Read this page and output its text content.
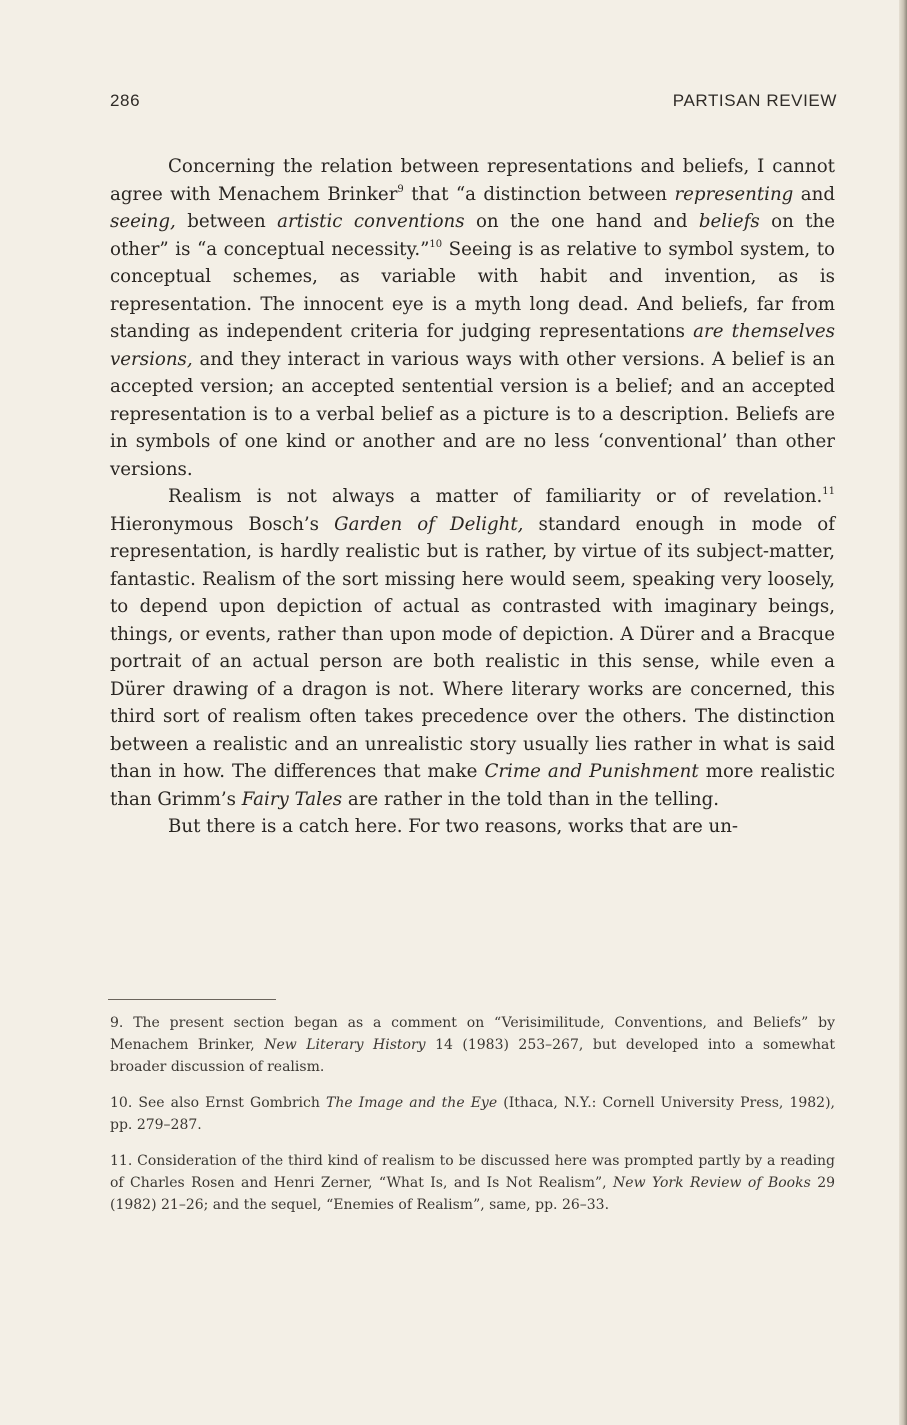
286	PARTISAN REVIEW

Concerning the relation between representations and beliefs, I cannot agree with Menachem Brinker$^9$ that “a distinction between representing and seeing, between artistic conventions on the one hand and beliefs on the other” is “a conceptual necessity.”$^{10}$ Seeing is as relative to symbol system, to conceptual schemes, as variable with habit and invention, as is representation. The innocent eye is a myth long dead. And beliefs, far from standing as independent criteria for judging representations are themselves versions, and they interact in various ways with other versions. A belief is an accepted version; an accepted sentential version is a belief; and an accepted representation is to a verbal belief as a picture is to a description. Beliefs are in symbols of one kind or another and are no less ‘conventional’ than other versions.

Realism is not always a matter of familiarity or of revelation.$^{11}$ Hieronymous Bosch’s Garden of Delight, standard enough in mode of representation, is hardly realistic but is rather, by virtue of its subject-matter, fantastic. Realism of the sort missing here would seem, speaking very loosely, to depend upon depiction of actual as contrasted with imaginary beings, things, or events, rather than upon mode of depiction. A Dürer and a Bracque portrait of an actual person are both realistic in this sense, while even a Dürer drawing of a dragon is not. Where literary works are concerned, this third sort of realism often takes precedence over the others. The distinction between a realistic and an unrealistic story usually lies rather in what is said than in how. The differences that make Crime and Punishment more realistic than Grimm’s Fairy Tales are rather in the told than in the telling.

But there is a catch here. For two reasons, works that are un-

9. The present section began as a comment on “Verisimilitude, Conventions, and Beliefs” by Menachem Brinker, New Literary History 14 (1983) 253–267, but developed into a somewhat broader discussion of realism.

10. See also Ernst Gombrich The Image and the Eye (Ithaca, N.Y.: Cornell University Press, 1982), pp. 279–287.

11. Consideration of the third kind of realism to be discussed here was prompted partly by a reading of Charles Rosen and Henri Zerner, “What Is, and Is Not Realism”, New York Review of Books 29 (1982) 21–26; and the sequel, “Enemies of Realism”, same, pp. 26–33.
